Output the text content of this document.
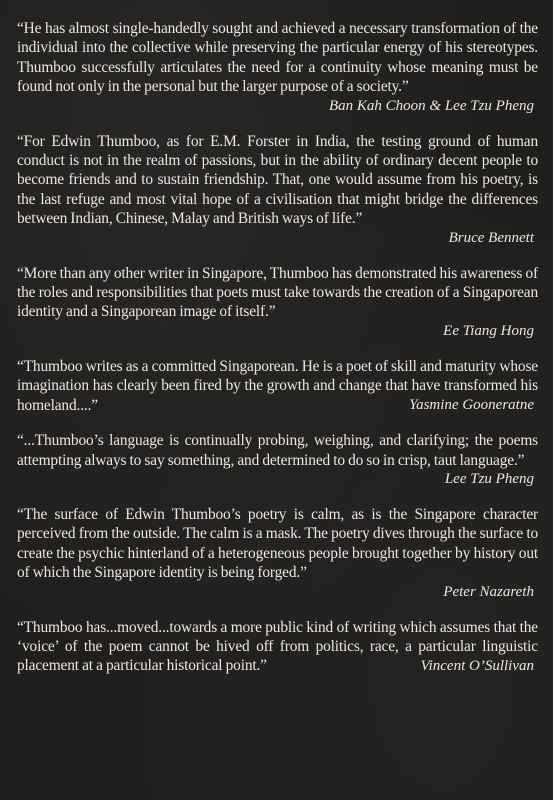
“He has almost single-handedly sought and achieved a necessary transformation of the individual into the collective while preserving the particular energy of his stereotypes. Thumboo successfully articulates the need for a continuity whose meaning must be found not only in the personal but the larger purpose of a society.”

Ban Kah Choon & Lee Tzu Pheng

“For Edwin Thumboo, as for E.M. Forster in India, the testing ground of human conduct is not in the realm of passions, but in the ability of ordinary decent people to become friends and to sustain friendship. That, one would assume from his poetry, is the last refuge and most vital hope of a civilisation that might bridge the differences between Indian, Chinese, Malay and British ways of life.”

Bruce Bennett

“More than any other writer in Singapore, Thumboo has demonstrated his awareness of the roles and responsibilities that poets must take towards the creation of a Singaporean identity and a Singaporean image of itself.”

Ee Tiang Hong

“Thumboo writes as a committed Singaporean. He is a poet of skill and maturity whose imagination has clearly been fired by the growth and change that have transformed his homeland....”	Yasmine Gooneratne

“...Thumboo’s language is continually probing, weighing, and clarifying; the poems attempting always to say something, and determined to do so in crisp, taut language.”

Lee Tzu Pheng

“The surface of Edwin Thumboo’s poetry is calm, as is the Singapore character perceived from the outside. The calm is a mask. The poetry dives through the surface to create the psychic hinterland of a heterogeneous people brought together by history out of which the Singapore identity is being forged.”

Peter Nazareth

“Thumboo has...moved...towards a more public kind of writing which assumes that the ‘voice’ of the poem cannot be hived off from politics, race, a particular linguistic placement at a particular historical point.”	Vincent O’Sullivan
